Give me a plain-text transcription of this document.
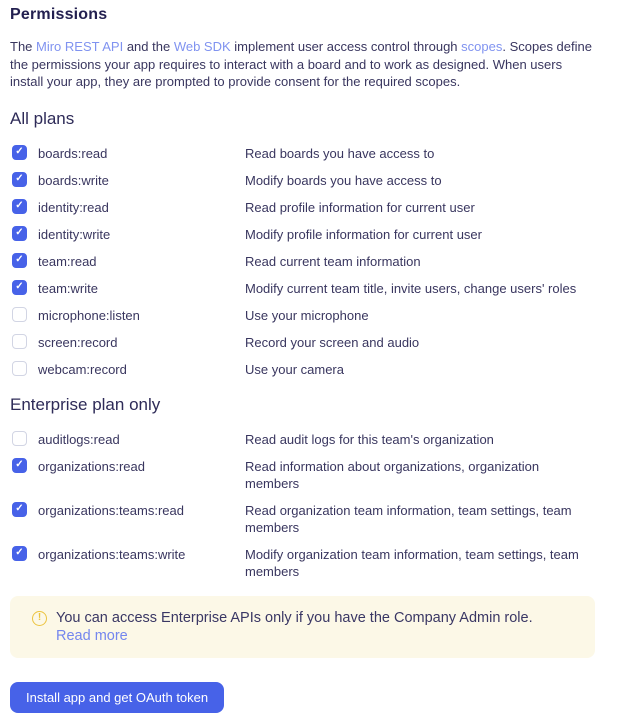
Permissions

The Miro REST API and the Web SDK implement user access control through scopes. Scopes define the permissions your app requires to interact with a board and to work as designed. When users install your app, they are prompted to provide consent for the required scopes.

All plans
✓ boards:read	Read boards you have access to
✓ boards:write	Modify boards you have access to
✓ identity:read	Read profile information for current user
✓ identity:write	Modify profile information for current user
✓ team:read	Read current team information
✓ team:write	Modify current team title, invite users, change users' roles
microphone:listen	Use your microphone
screen:record	Record your screen and audio
webcam:record	Use your camera
Enterprise plan only
auditlogs:read	Read audit logs for this team's organization
✓ organizations:read	Read information about organizations, organization members
✓ organizations:teams:read	Read organization team information, team settings, team members
✓ organizations:teams:write	Modify organization team information, team settings, team members
!	You can access Enterprise APIs only if you have the Company Admin role.
Read more
Install app and get OAuth token
